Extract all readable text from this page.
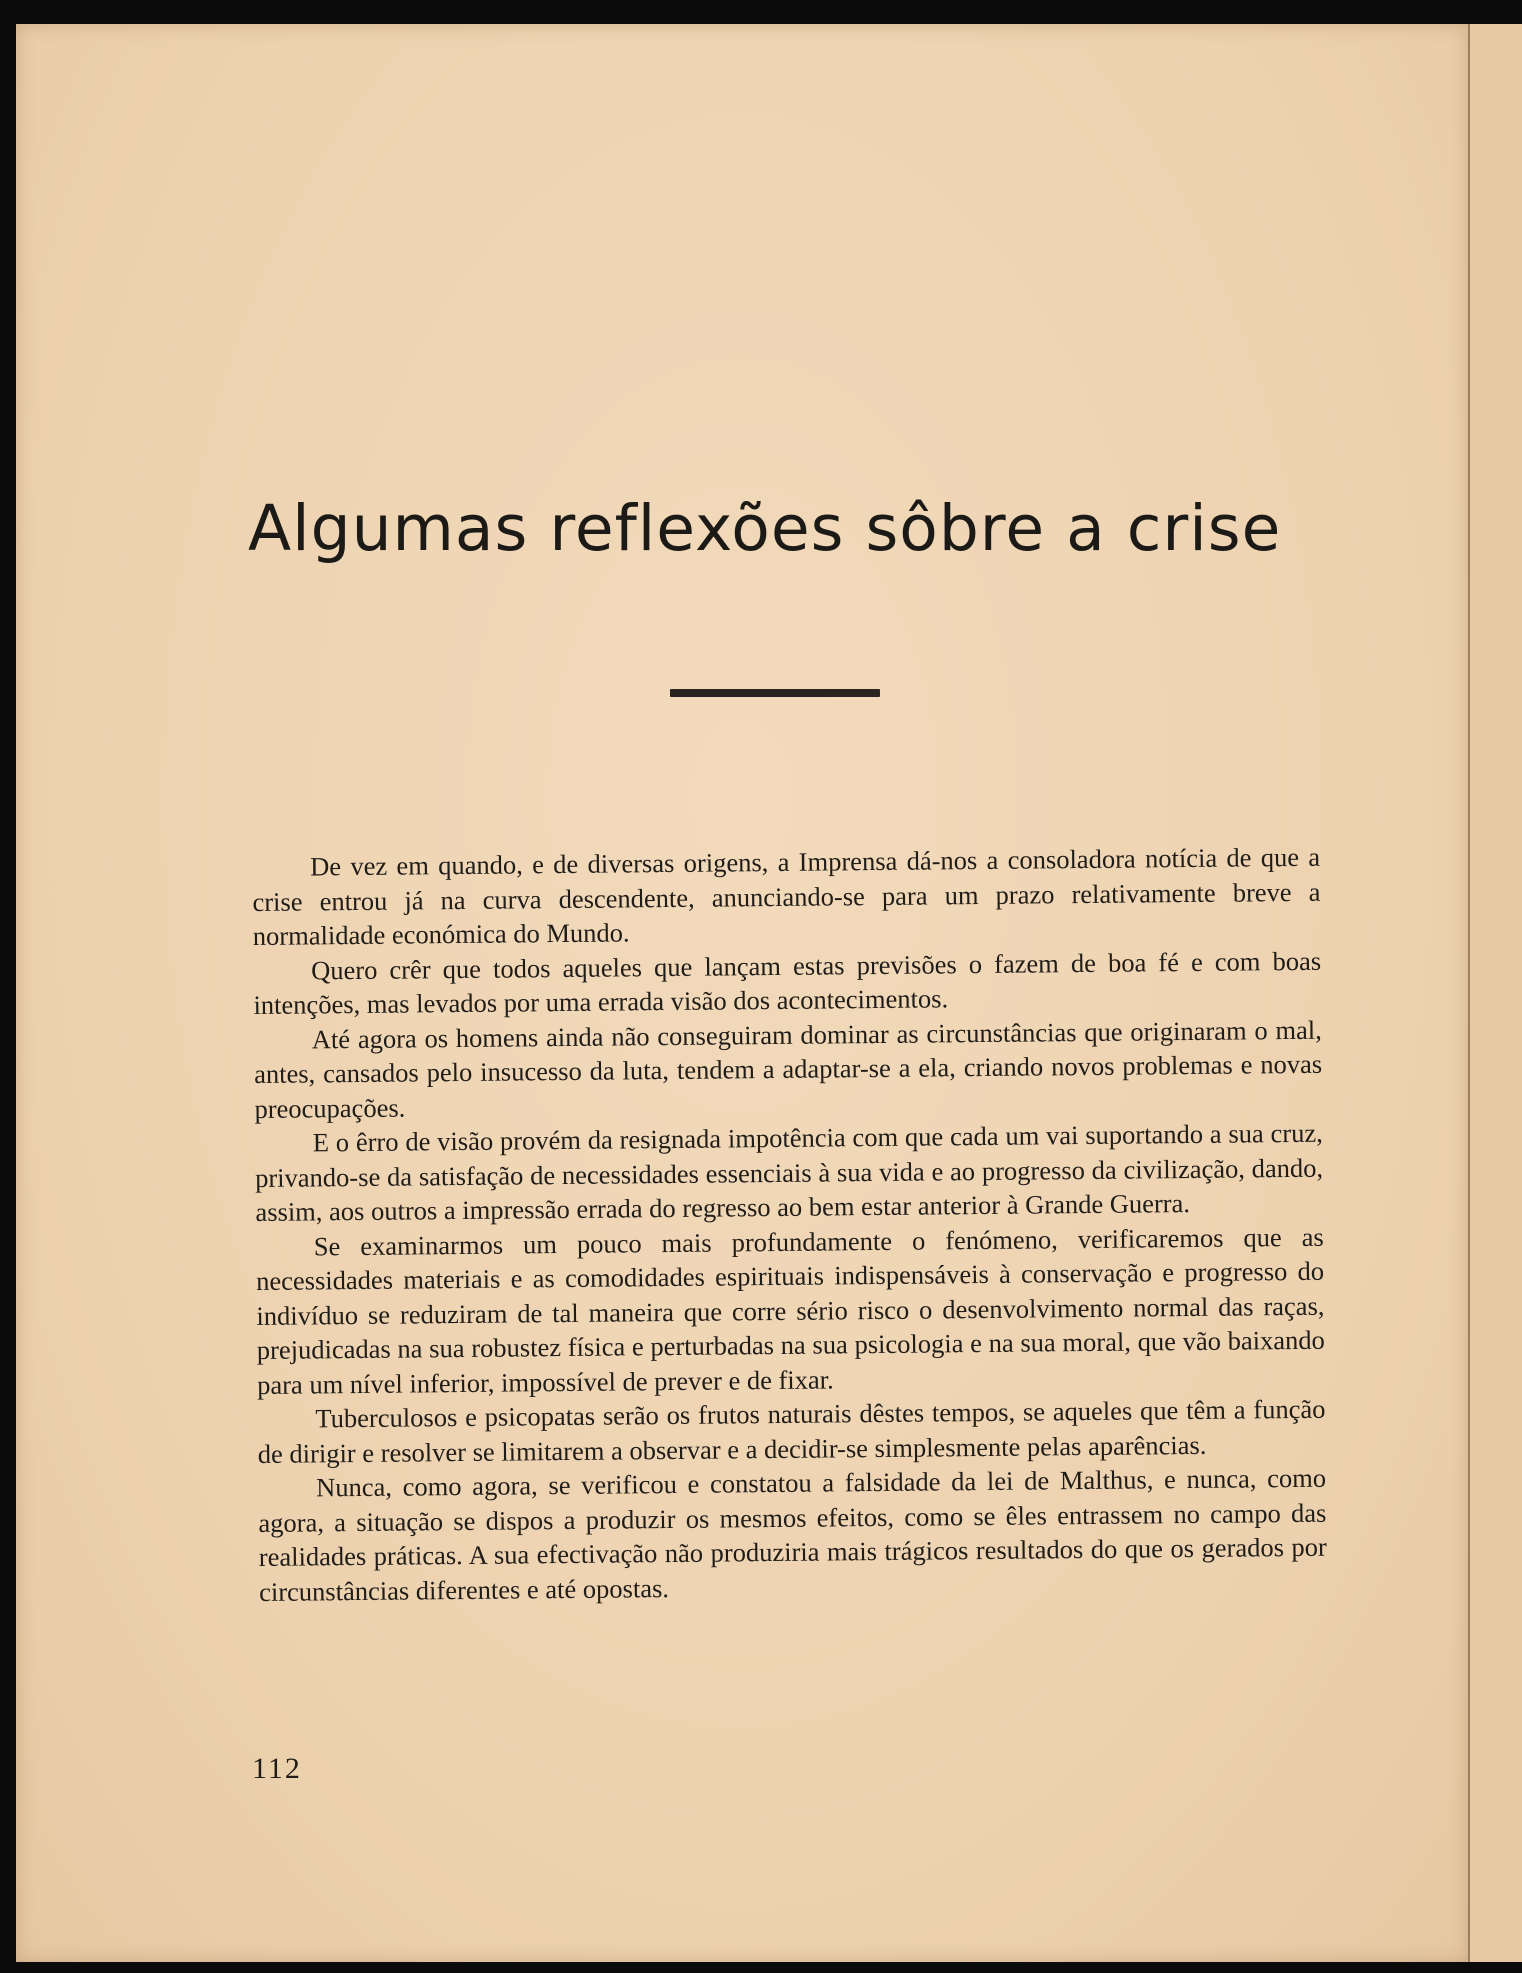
Algumas reflexões sôbre a crise

De vez em quando, e de diversas origens, a Imprensa dá-nos a consoladora notícia de que a crise entrou já na curva descendente, anunciando-se para um prazo relativamente breve a normalidade económica do Mundo.

Quero crêr que todos aqueles que lançam estas previsões o fazem de boa fé e com boas intenções, mas levados por uma errada visão dos acontecimentos.

Até agora os homens ainda não conseguiram dominar as circunstâncias que originaram o mal, antes, cansados pelo insucesso da luta, tendem a adaptar-se a ela, criando novos problemas e novas preocupações.

E o êrro de visão provém da resignada impotência com que cada um vai suportando a sua cruz, privando-se da satisfação de necessidades essenciais à sua vida e ao progresso da civilização, dando, assim, aos outros a impressão errada do regresso ao bem estar anterior à Grande Guerra.

Se examinarmos um pouco mais profundamente o fenómeno, verificaremos que as necessidades materiais e as comodidades espirituais indispensáveis à conservação e progresso do indivíduo se reduziram de tal maneira que corre sério risco o desenvolvimento normal das raças, prejudicadas na sua robustez física e perturbadas na sua psicologia e na sua moral, que vão baixando para um nível inferior, impossível de prever e de fixar.

Tuberculosos e psicopatas serão os frutos naturais dêstes tempos, se aqueles que têm a função de dirigir e resolver se limitarem a observar e a decidir-se simplesmente pelas aparências.

Nunca, como agora, se verificou e constatou a falsidade da lei de Malthus, e nunca, como agora, a situação se dispos a produzir os mesmos efeitos, como se êles entrassem no campo das realidades práticas. A sua efectivação não produziria mais trágicos resultados do que os gerados por circunstâncias diferentes e até opostas.

112
